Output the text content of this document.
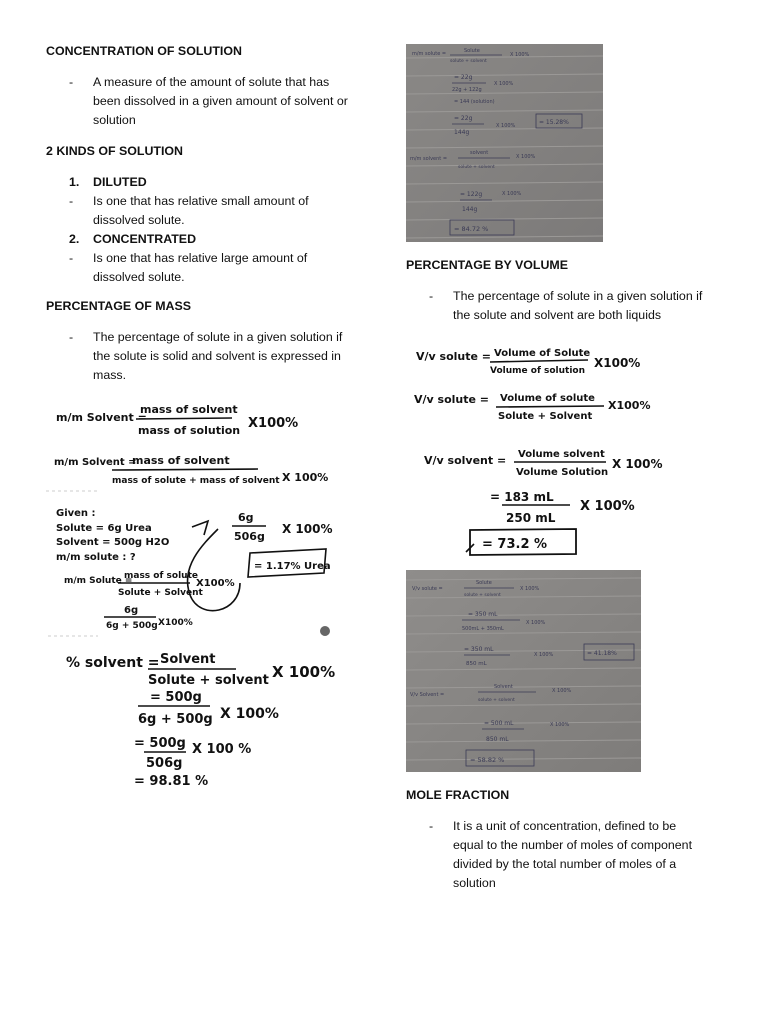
CONCENTRATION OF SOLUTION
-	A measure of the amount of solute that has
been dissolved in a given amount of solvent or
solution
2 KINDS OF SOLUTION
1.	DILUTED
-	Is one that has relative small amount of
dissolved solute.
2.	CONCENTRATED
-	Is one that has relative large amount of
dissolved solute.
PERCENTAGE OF MASS
-	The percentage of solute in a given solution if
the solute is solid and solvent is expressed in
mass.
m/m Solvent =
mass of solvent
mass of solution X100%
m/m Solvent =
mass of solvent
mass of solute + mass of solvent X 100%
Given :
Solute = 6g Urea
Solvent = 500g H2O
m/m solute : ?
6g
506g
X 100%
= 1.17% Urea
m/m Solute =
mass of solute
Solute + Solvent
X100%
6g
6g + 500g X100%
% solvent = Solvent
Solute + solvent X 100%
= 500g
6g + 500g X 100%
= 500g
506g
X 100 %
= 98.81 %
m/m solute =	Solute
solute + solvent
X 100%
= 22g
22g + 122g
X 100%
= 144 (solution)
= 22g
144g
X 100%	= 15.28%
m/m solvent =
solvent
solute + solvent
X 100%
= 122g
144g
X 100%
= 84.72 %
PERCENTAGE BY VOLUME
-	The percentage of solute in a given solution if
the solute and solvent are both liquids
V/v solute = Volume of Solute
Volume of solution
X100%
V/v solute = Volume of solute
Solute + Solvent
X100%
V/v solvent = Volume solvent
Volume Solution
X 100%
= 183 mL
250 mL
X 100%
= 73.2 %
V/v solute =
Solute
solute + solvent
X 100%
= 350 mL
500mL + 350mL
X 100%
= 350 mL
850 mL
X 100%	= 41.18%
V/v Solvent =
Solvent
solute + solvent
X 100%
= 500 mL
850 mL
X 100%
= 58.82 %
MOLE FRACTION
-	It is a unit of concentration, defined to be
equal to the number of moles of component
divided by the total number of moles of a
solution
